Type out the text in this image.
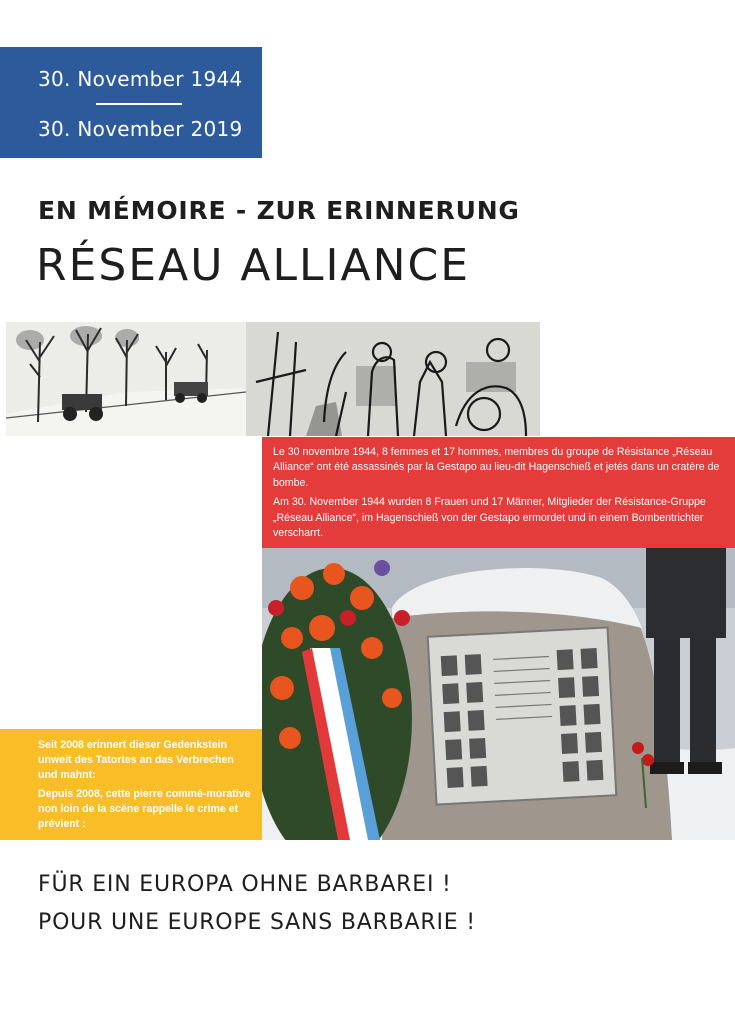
30. November 1944
30. November 2019
EN MÉMOIRE - ZUR ERINNERUNG
RÉSEAU ALLIANCE

Le 30 novembre 1944, 8 femmes et 17 hommes, membres du groupe de Résistance „Réseau Alliance“ ont été assassinés par la Gestapo au lieu-dit Hagenschieß et jetés dans un cratère de bombe.

Am 30. November 1944 wurden 8 Frauen und 17 Männer, Mitglieder der Résistance-Gruppe „Réseau Alliance“, im Hagenschieß von der Gestapo ermordet und in einem Bombentrichter verscharrt.

Seit 2008 erinnert dieser Gedenkstein unweit des Tatortes an das Verbrechen und mahnt:

Depuis 2008, cette pierre commé-morative non loin de la scène rappelle le crime et prévient :

FÜR EIN EUROPA OHNE BARBAREI !
POUR UNE EUROPE SANS BARBARIE !
